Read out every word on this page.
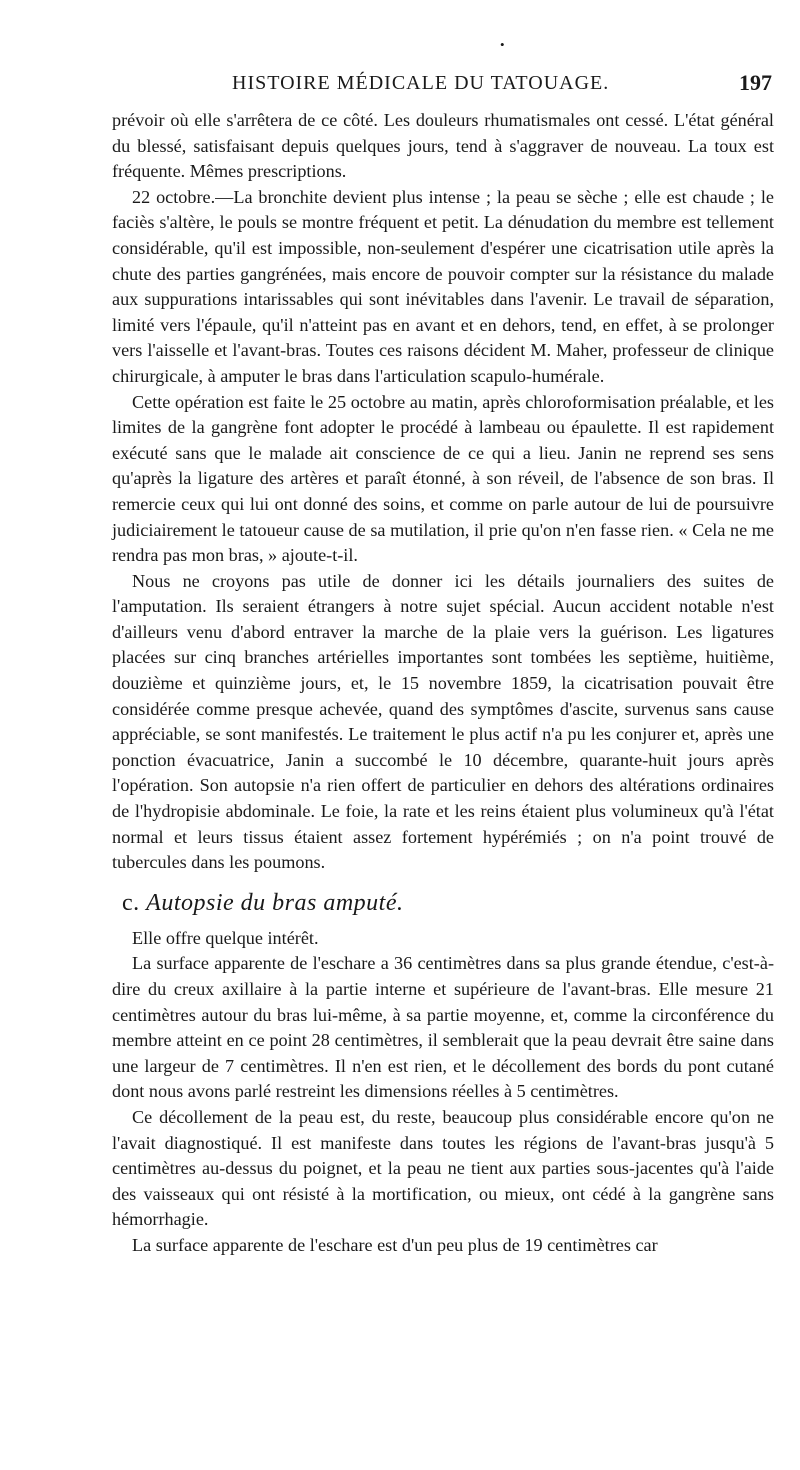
•
HISTOIRE MÉDICALE DU TATOUAGE.	197

prévoir où elle s'arrêtera de ce côté. Les douleurs rhumatismales ont cessé. L'état général du blessé, satisfaisant depuis quelques jours, tend à s'aggraver de nouveau. La toux est fréquente. Mêmes prescriptions.

22 octobre.—La bronchite devient plus intense ; la peau se sèche ; elle est chaude ; le faciès s'altère, le pouls se montre fréquent et petit. La dénudation du membre est tellement considérable, qu'il est impossible, non-seulement d'espérer une cicatrisation utile après la chute des parties gangrénées, mais encore de pouvoir compter sur la résistance du malade aux suppurations intarissables qui sont inévitables dans l'avenir. Le travail de séparation, limité vers l'épaule, qu'il n'atteint pas en avant et en dehors, tend, en effet, à se prolonger vers l'aisselle et l'avant-bras. Toutes ces raisons décident M. Maher, professeur de clinique chirurgicale, à amputer le bras dans l'articulation scapulo-humérale.

Cette opération est faite le 25 octobre au matin, après chloroformisation préalable, et les limites de la gangrène font adopter le procédé à lambeau ou épaulette. Il est rapidement exécuté sans que le malade ait conscience de ce qui a lieu. Janin ne reprend ses sens qu'après la ligature des artères et paraît étonné, à son réveil, de l'absence de son bras. Il remercie ceux qui lui ont donné des soins, et comme on parle autour de lui de poursuivre judiciairement le tatoueur cause de sa mutilation, il prie qu'on n'en fasse rien. « Cela ne me rendra pas mon bras, » ajoute-t-il.

Nous ne croyons pas utile de donner ici les détails journaliers des suites de l'amputation. Ils seraient étrangers à notre sujet spécial. Aucun accident notable n'est d'ailleurs venu d'abord entraver la marche de la plaie vers la guérison. Les ligatures placées sur cinq branches artérielles importantes sont tombées les septième, huitième, douzième et quinzième jours, et, le 15 novembre 1859, la cicatrisation pouvait être considérée comme presque achevée, quand des symptômes d'ascite, survenus sans cause appréciable, se sont manifestés. Le traitement le plus actif n'a pu les conjurer et, après une ponction évacuatrice, Janin a succombé le 10 décembre, quarante-huit jours après l'opération. Son autopsie n'a rien offert de particulier en dehors des altérations ordinaires de l'hydropisie abdominale. Le foie, la rate et les reins étaient plus volumineux qu'à l'état normal et leurs tissus étaient assez fortement hypérémiés ; on n'a point trouvé de tubercules dans les poumons.

c. Autopsie du bras amputé.

Elle offre quelque intérêt.

La surface apparente de l'eschare a 36 centimètres dans sa plus grande étendue, c'est-à-dire du creux axillaire à la partie interne et supérieure de l'avant-bras. Elle mesure 21 centimètres autour du bras lui-même, à sa partie moyenne, et, comme la circonférence du membre atteint en ce point 28 centimètres, il semblerait que la peau devrait être saine dans une largeur de 7 centimètres. Il n'en est rien, et le décollement des bords du pont cutané dont nous avons parlé restreint les dimensions réelles à 5 centimètres.

Ce décollement de la peau est, du reste, beaucoup plus considérable encore qu'on ne l'avait diagnostiqué. Il est manifeste dans toutes les régions de l'avant-bras jusqu'à 5 centimètres au-dessus du poignet, et la peau ne tient aux parties sous-jacentes qu'à l'aide des vaisseaux qui ont résisté à la mortification, ou mieux, ont cédé à la gangrène sans hémorrhagie.

La surface apparente de l'eschare est d'un peu plus de 19 centimètres car
